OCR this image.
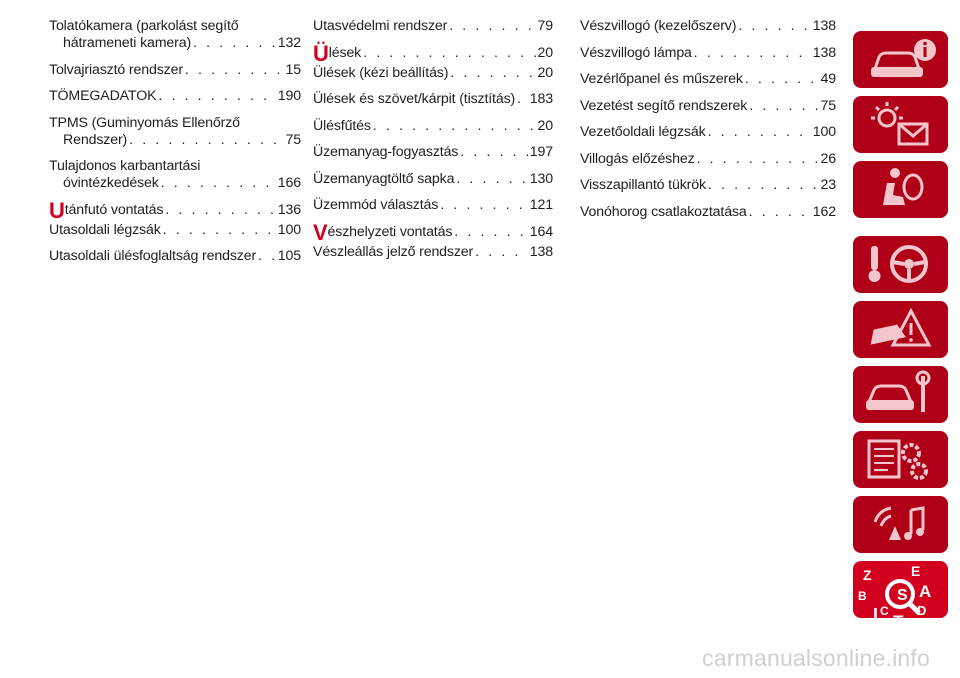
Tolatókamera (parkolást segítő
hátrameneti kamera) . . .	132
Tolvajriasztó rendszer . . .	15
TÖMEGADATOK . . .	190
TPMS (Guminyomás Ellenőrző
Rendszer) . . .	75
Tulajdonos karbantartási
óvintézkedések . . .	166
U tánfutó vontatás . . .	136
Utasoldali légzsák . . .	100
Utasoldali ülésfoglaltság rendszer . . . 105
Utasvédelmi rendszer . . .	79
Ü lések . . .	20
Ülések (kézi beállítás) . . .	20
Ülések és szövet/kárpit (tisztítás) . . . 183
Ülésfűtés . . .	20
Üzemanyag-fogyasztás . . .	197
Üzemanyagtöltő sapka . . .	130
Üzemmód választás . . .	121
V észhelyzeti vontatás . . .	164
Vészleállás jelző rendszer . . .	138
Vészvillogó (kezelőszerv) . . .	138
Vészvillogó lámpa . . .	138
Vezérlőpanel és műszerek . . .	49
Vezetést segítő rendszerek . . .	75
Vezetőoldali légzsák . . .	100
Villogás előzéshez . . .	26
Visszapillantó tükrök . . .	23
Vonóhorog csatlakoztatása . . .	162
S
Z	E
B	A
I C
T
D
carmanualsonline.info
